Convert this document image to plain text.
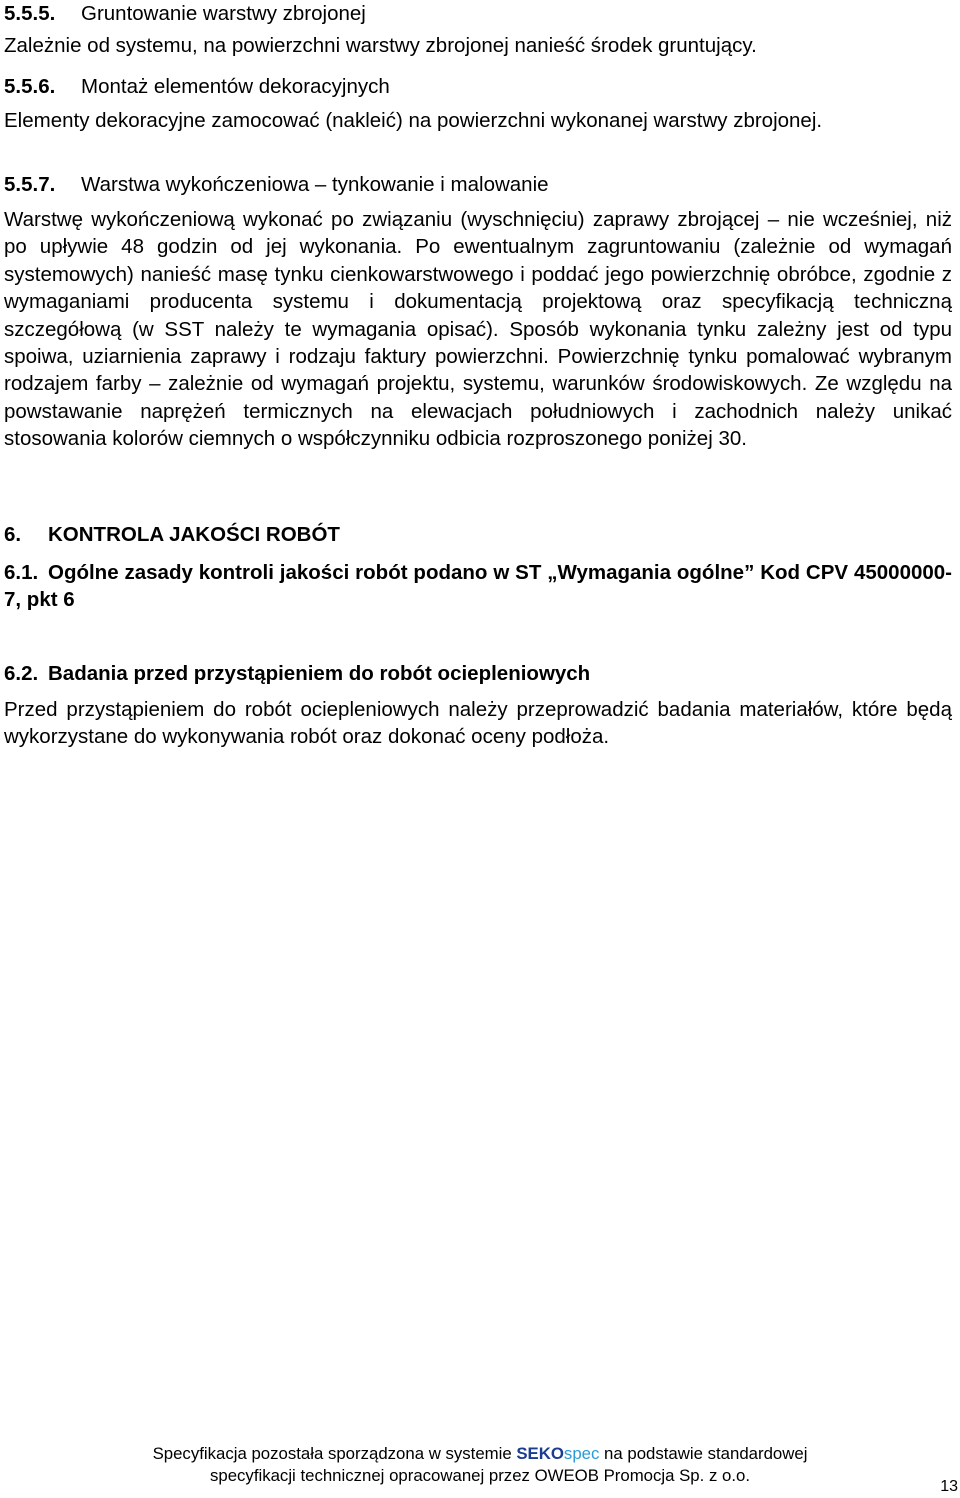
5.5.5. Gruntowanie warstwy zbrojonej

Zależnie od systemu, na powierzchni warstwy zbrojonej nanieść środek gruntujący.

5.5.6. Montaż elementów dekoracyjnych

Elementy dekoracyjne zamocować (nakleić) na powierzchni wykonanej warstwy zbrojonej.

5.5.7. Warstwa wykończeniowa – tynkowanie i malowanie

Warstwę wykończeniową wykonać po związaniu (wyschnięciu) zaprawy zbrojącej – nie wcześniej, niż po upływie 48 godzin od jej wykonania. Po ewentualnym zagruntowaniu (zależnie od wymagań systemowych) nanieść masę tynku cienkowarstwowego i poddać jego powierzchnię obróbce, zgodnie z wymaganiami producenta systemu i dokumentacją projektową oraz specyfikacją techniczną szczegółową (w SST należy te wymagania opisać). Sposób wykonania tynku zależny jest od typu spoiwa, uziarnienia zaprawy i rodzaju faktury powierzchni. Powierzchnię tynku pomalować wybranym rodzajem farby – zależnie od wymagań projektu, systemu, warunków środowiskowych. Ze względu na powstawanie naprężeń termicznych na elewacjach południowych i zachodnich należy unikać stosowania kolorów ciemnych o współczynniku odbicia rozproszonego poniżej 30.

6. KONTROLA JAKOŚCI ROBÓT
6.1. Ogólne zasady kontroli jakości robót podano w ST „Wymagania ogólne” Kod CPV 45000000-7, pkt 6
6.2. Badania przed przystąpieniem do robót ociepleniowych

Przed przystąpieniem do robót ociepleniowych należy przeprowadzić badania materiałów, które będą wykorzystane do wykonywania robót oraz dokonać oceny podłoża.

Specyfikacja pozostała sporządzona w systemie SEKOspec na podstawie standardowej
specyfikacji technicznej opracowanej przez OWEOB Promocja Sp. z o.o.
13
